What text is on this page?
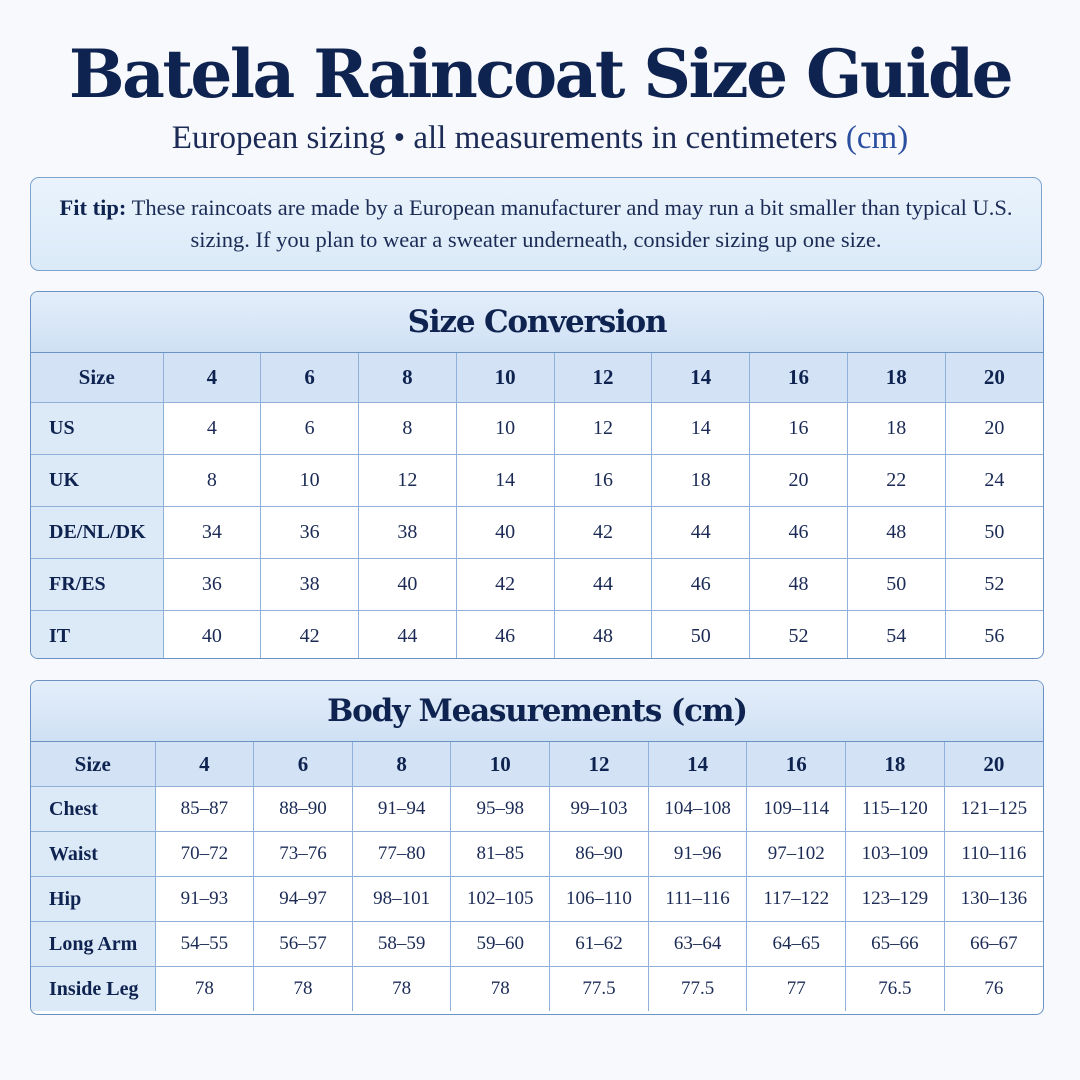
Batela Raincoat Size Guide
European sizing • all measurements in centimeters (cm)
Fit tip: These raincoats are made by a European manufacturer and may run a bit smaller than typical U.S. sizing. If you plan to wear a sweater underneath, consider sizing up one size.
Size Conversion
Size	4	6	8	10	12	14	16	18	20
US	4	6	8	10	12	14	16	18	20
UK	8	10	12	14	16	18	20	22	24
DE/NL/DK	34	36	38	40	42	44	46	48	50
FR/ES	36	38	40	42	44	46	48	50	52
IT	40	42	44	46	48	50	52	54	56
Body Measurements (cm)
Size	4	6	8	10	12	14	16	18	20
Chest	85–87	88–90	91–94	95–98	99–103	104–108	109–114	115–120	121–125
Waist	70–72	73–76	77–80	81–85	86–90	91–96	97–102	103–109	110–116
Hip	91–93	94–97	98–101	102–105	106–110	111–116	117–122	123–129	130–136
Long Arm	54–55	56–57	58–59	59–60	61–62	63–64	64–65	65–66	66–67
Inside Leg	78	78	78	78	77.5	77.5	77	76.5	76
